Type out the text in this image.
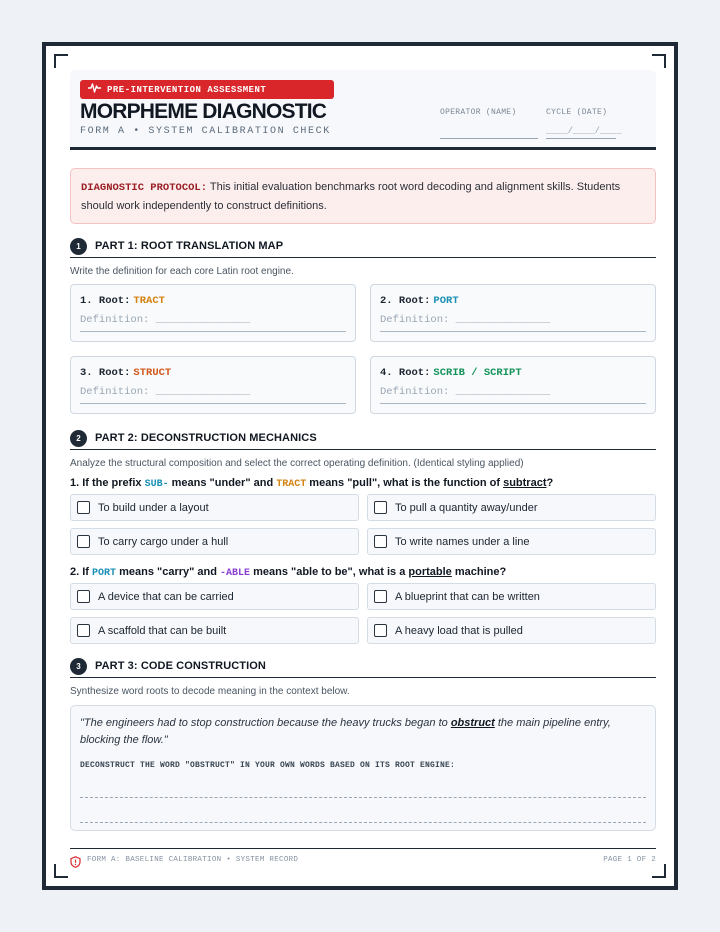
PRE-INTERVENTION ASSESSMENT
MORPHEME DIAGNOSTIC
FORM A • SYSTEM CALIBRATION CHECK
OPERATOR (NAME)	CYCLE (DATE)
____/____/____
DIAGNOSTIC PROTOCOL: This initial evaluation benchmarks root word decoding and alignment skills. Students should work independently to construct definitions.
1	PART 1: ROOT TRANSLATION MAP
Write the definition for each core Latin root engine.
1. Root: TRACT
Definition: _______________
2. Root: PORT
Definition: _______________
3. Root: STRUCT
Definition: _______________
4. Root: SCRIB / SCRIPT
Definition: _______________
2	PART 2: DECONSTRUCTION MECHANICS
Analyze the structural composition and select the correct operating definition. (Identical styling applied)
1. If the prefix SUB- means "under" and TRACT means "pull", what is the function of subtract?
To build under a layout	To pull a quantity away/under
To carry cargo under a hull	To write names under a line
2. If PORT means "carry" and -ABLE means "able to be", what is a portable machine?
A device that can be carried	A blueprint that can be written
A scaffold that can be built	A heavy load that is pulled
3	PART 3: CODE CONSTRUCTION
Synthesize word roots to decode meaning in the context below.
"The engineers had to stop construction because the heavy trucks began to obstruct the main pipeline entry, blocking the flow."
DECONSTRUCT THE WORD "OBSTRUCT" IN YOUR OWN WORDS BASED ON ITS ROOT ENGINE:
FORM A: BASELINE CALIBRATION • SYSTEM RECORD	PAGE 1 OF 2
